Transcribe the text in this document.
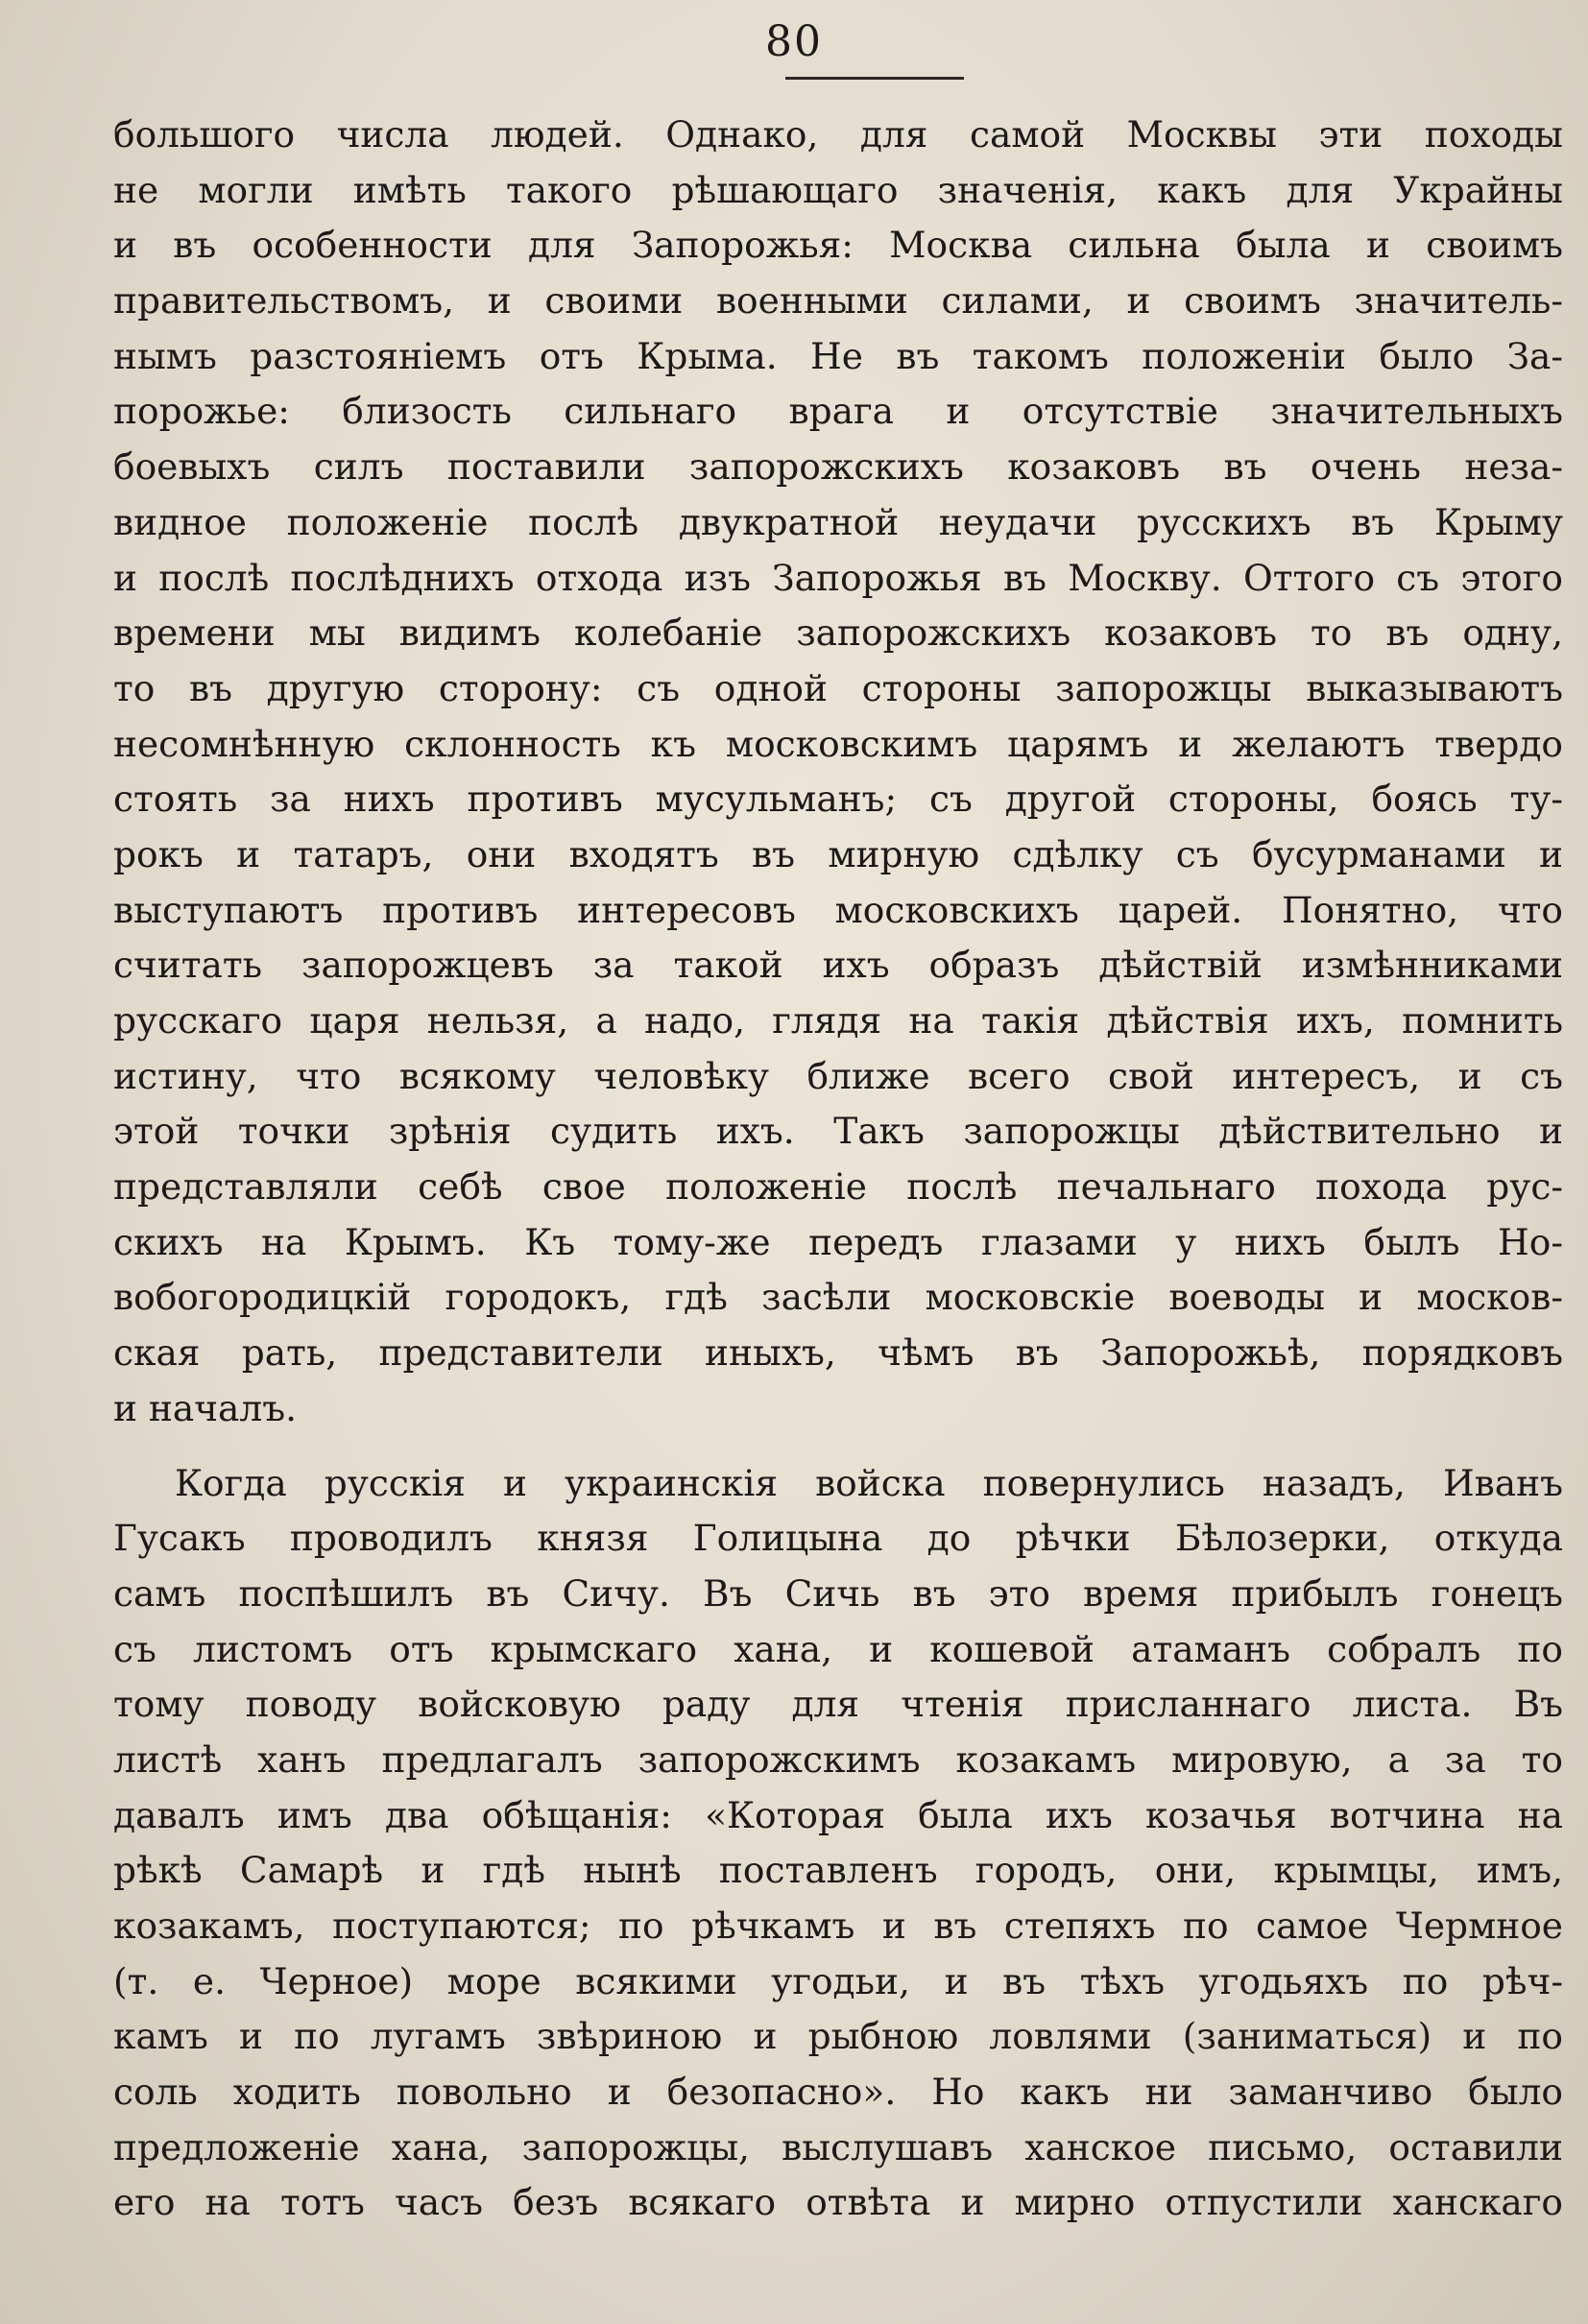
80
большого числа людей. Однако, для самой Москвы эти походы
не могли имѣть такого рѣшающаго значенія, какъ для Украйны
и въ особенности для Запорожья: Москва сильна была и своимъ
правительствомъ, и своими военными силами, и своимъ значитель-
нымъ разстояніемъ отъ Крыма. Не въ такомъ положеніи было За-
порожье: близость сильнаго врага и отсутствіе значительныхъ
боевыхъ силъ поставили запорожскихъ козаковъ въ очень неза-
видное положеніе послѣ двукратной неудачи русскихъ въ Крыму
и послѣ послѣднихъ отхода изъ Запорожья въ Москву. Оттого съ этого
времени мы видимъ колебаніе запорожскихъ козаковъ то въ одну,
то въ другую сторону: съ одной стороны запорожцы выказываютъ
несомнѣнную склонность къ московскимъ царямъ и желаютъ твердо
стоять за нихъ противъ мусульманъ; съ другой стороны, боясь ту-
рокъ и татаръ, они входятъ въ мирную сдѣлку съ бусурманами и
выступаютъ противъ интересовъ московскихъ царей. Понятно, что
считать запорожцевъ за такой ихъ образъ дѣйствій измѣнниками
русскаго царя нельзя, а надо, глядя на такія дѣйствія ихъ, помнить
истину, что всякому человѣку ближе всего свой интересъ, и съ
этой точки зрѣнія судить ихъ. Такъ запорожцы дѣйствительно и
представляли себѣ свое положеніе послѣ печальнаго похода рус-
скихъ на Крымъ. Къ тому-же передъ глазами у нихъ былъ Но-
вобогородицкій городокъ, гдѣ засѣли московскіе воеводы и москов-
ская рать, представители иныхъ, чѣмъ въ Запорожьѣ, порядковъ
и началъ.
Когда русскія и украинскія войска повернулись назадъ, Иванъ
Гусакъ проводилъ князя Голицына до рѣчки Бѣлозерки, откуда
самъ поспѣшилъ въ Сичу. Въ Сичь въ это время прибылъ гонецъ
съ листомъ отъ крымскаго хана, и кошевой атаманъ собралъ по
тому поводу войсковую раду для чтенія присланнаго листа. Въ
листѣ ханъ предлагалъ запорожскимъ козакамъ мировую, а за то
давалъ имъ два обѣщанія: «Которая была ихъ козачья вотчина на
рѣкѣ Самарѣ и гдѣ нынѣ поставленъ городъ, они, крымцы, имъ,
козакамъ, поступаются; по рѣчкамъ и въ степяхъ по самое Чермное
(т. е. Черное) море всякими угодьи, и въ тѣхъ угодьяхъ по рѣч-
камъ и по лугамъ звѣриною и рыбною ловлями (заниматься) и по
соль ходить повольно и безопасно». Но какъ ни заманчиво было
предложеніе хана, запорожцы, выслушавъ ханское письмо, оставили
его на тотъ часъ безъ всякаго отвѣта и мирно отпустили ханскаго
